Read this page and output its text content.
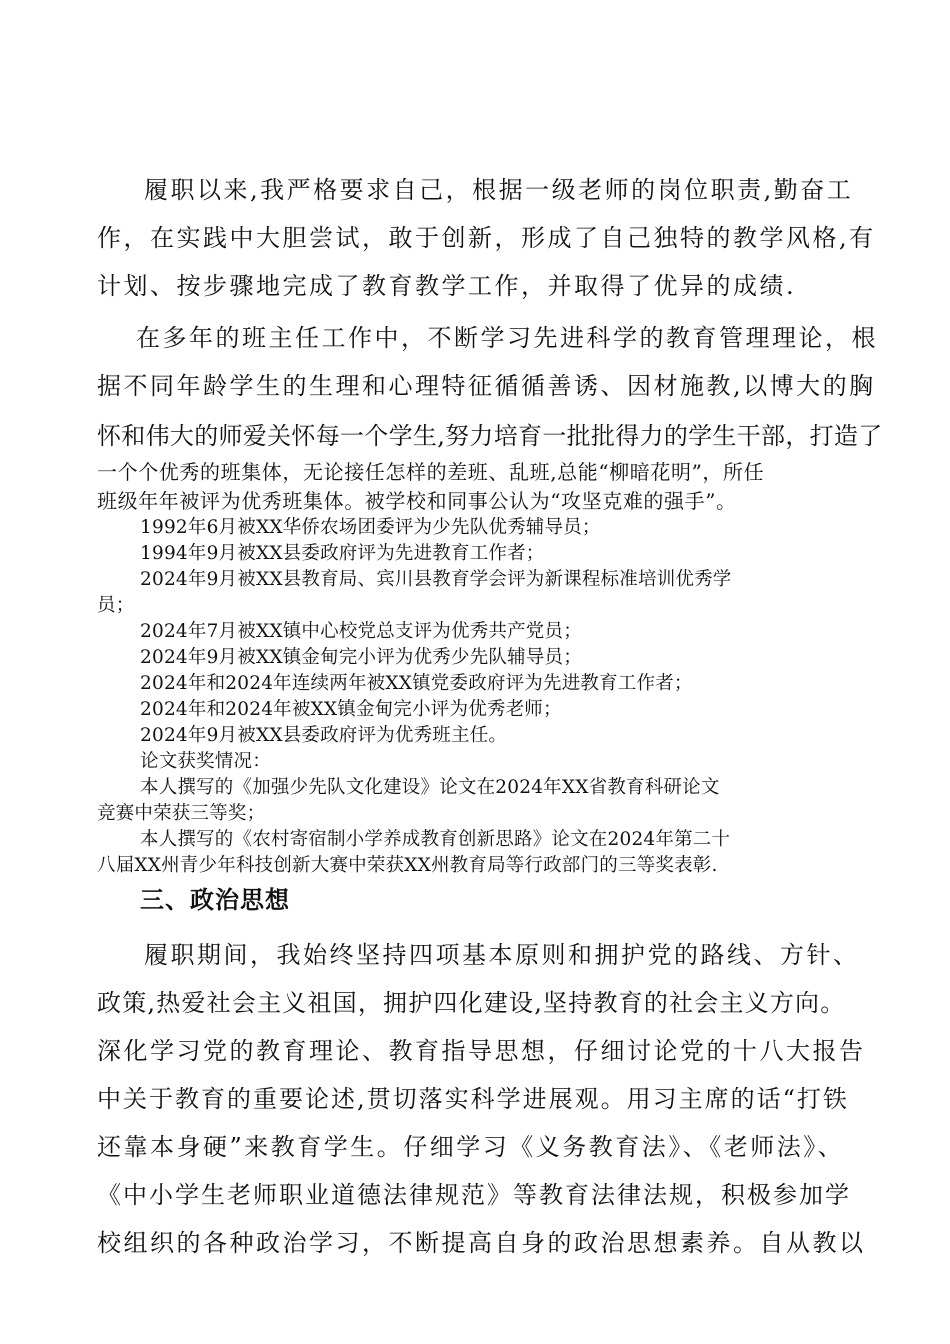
履职以来,我严格要求自己，根据一级老师的岗位职责,勤奋工
作，在实践中大胆尝试，敢于创新，形成了自己独特的教学风格,有
计划、按步骤地完成了教育教学工作，并取得了优异的成绩.
在多年的班主任工作中，不断学习先进科学的教育管理理论，根
据不同年龄学生的生理和心理特征循循善诱、因材施教,以博大的胸
怀和伟大的师爱关怀每一个学生,努力培育一批批得力的学生干部，打造了
一个个优秀的班集体，无论接任怎样的差班、乱班,总能“柳暗花明”，所任
班级年年被评为优秀班集体。被学校和同事公认为“攻坚克难的强手”。
1992年6月被XX华侨农场团委评为少先队优秀辅导员；
1994年9月被XX县委政府评为先进教育工作者；
2024年9月被XX县教育局、宾川县教育学会评为新课程标准培训优秀学
员；
2024年7月被XX镇中心校党总支评为优秀共产党员；
2024年9月被XX镇金甸完小评为优秀少先队辅导员；
2024年和2024年连续两年被XX镇党委政府评为先进教育工作者；
2024年和2024年被XX镇金甸完小评为优秀老师；
2024年9月被XX县委政府评为优秀班主任。
论文获奖情况：
本人撰写的《加强少先队文化建设》论文在2024年XX省教育科研论文
竞赛中荣获三等奖；
本人撰写的《农村寄宿制小学养成教育创新思路》论文在2024年第二十
八届XX州青少年科技创新大赛中荣获XX州教育局等行政部门的三等奖表彰.
三、政治思想
履职期间，我始终坚持四项基本原则和拥护党的路线、方针、
政策,热爱社会主义祖国，拥护四化建设,坚持教育的社会主义方向。
深化学习党的教育理论、教育指导思想，仔细讨论党的十八大报告
中关于教育的重要论述,贯切落实科学进展观。用习主席的话“打铁
还靠本身硬”来教育学生。仔细学习《义务教育法》、《老师法》、
《中小学生老师职业道德法律规范》等教育法律法规，积极参加学
校组织的各种政治学习，不断提高自身的政治思想素养。自从教以
